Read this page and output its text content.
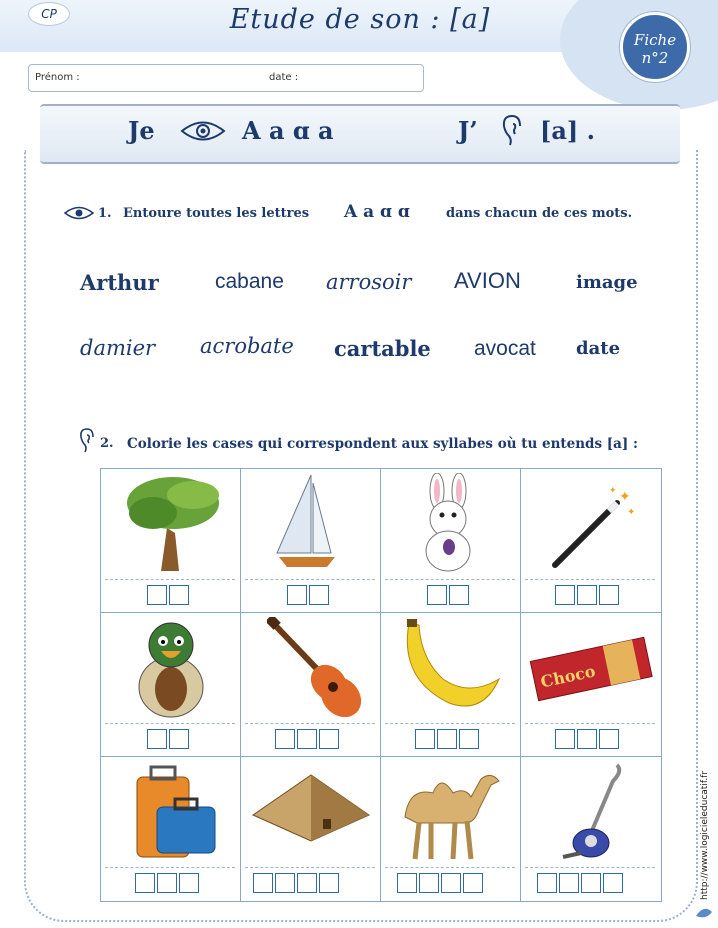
CP	Etude de son : [a]
Fiche
n°2
Prénom :	date :
Je	A a ɑ a	J’	[a] .
1. Entoure toutes les lettres A a ɑ ɑ	dans chacun de ces mots.
Arthur	cabane arrosoir AVION	image
damier acrobate cartable avocat date
2. Colorie les cases qui correspondent aux syllabes où tu entends [a] :
✦
✦
✦
Choco
http://www.logicieleducatif.fr
